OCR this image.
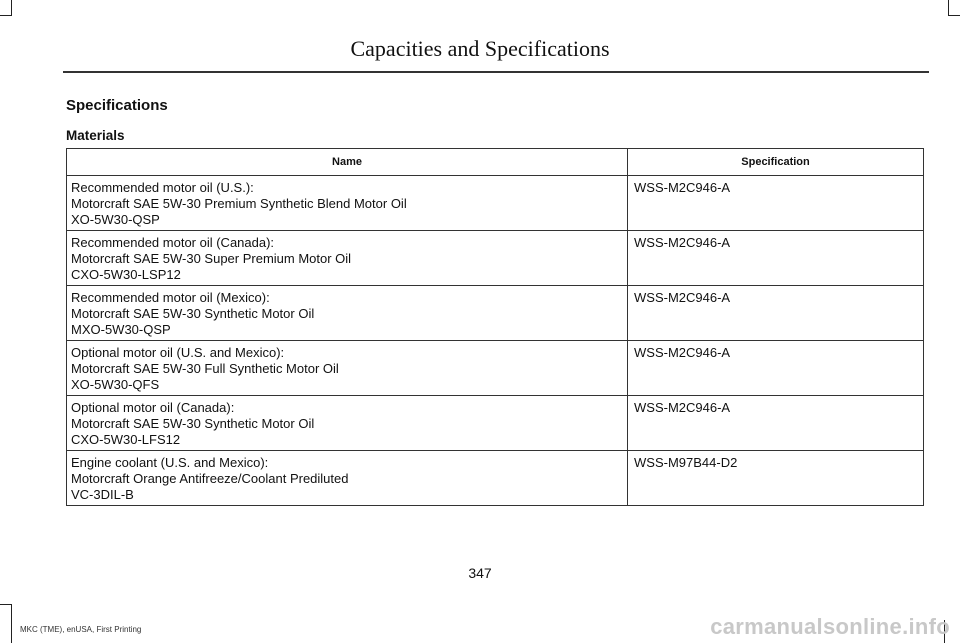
Capacities and Specifications
Specifications
Materials
Name	Specification

Recommended motor oil (U.S.):
Motorcraft SAE 5W-30 Premium Synthetic Blend Motor Oil
XO-5W30-QSP	WSS-M2C946-A

Recommended motor oil (Canada):
Motorcraft SAE 5W-30 Super Premium Motor Oil
CXO-5W30-LSP12	WSS-M2C946-A

Recommended motor oil (Mexico):
Motorcraft SAE 5W-30 Synthetic Motor Oil
MXO-5W30-QSP	WSS-M2C946-A

Optional motor oil (U.S. and Mexico):
Motorcraft SAE 5W-30 Full Synthetic Motor Oil
XO-5W30-QFS	WSS-M2C946-A

Optional motor oil (Canada):
Motorcraft SAE 5W-30 Synthetic Motor Oil
CXO-5W30-LFS12	WSS-M2C946-A

Engine coolant (U.S. and Mexico):
Motorcraft Orange Antifreeze/Coolant Prediluted
VC-3DIL-B	WSS-M97B44-D2
347
MKC (TME), enUSA, First Printing	carmanualsonline.info
